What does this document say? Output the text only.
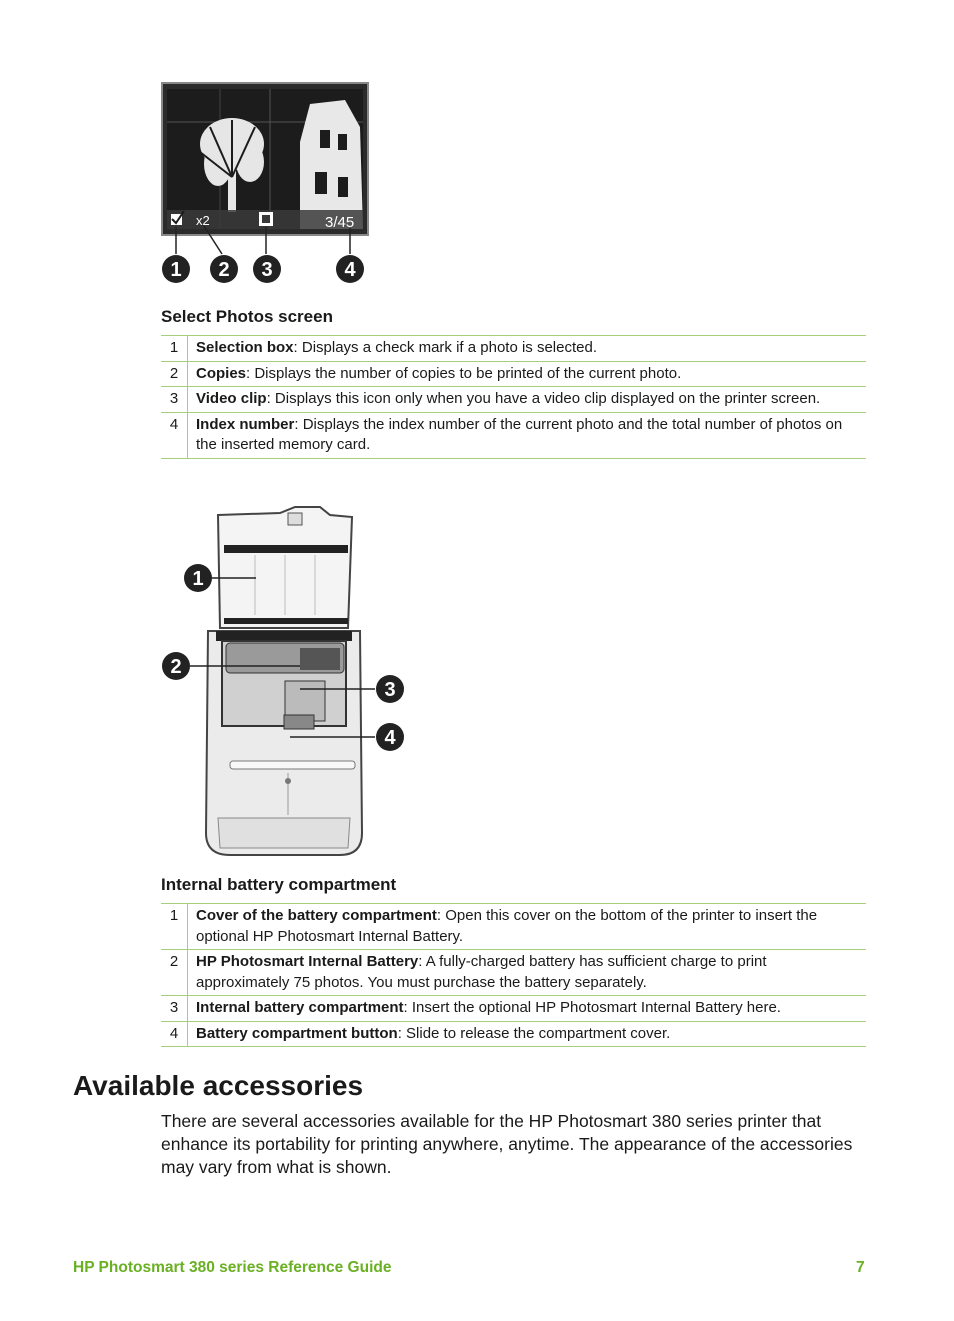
x2	3/45
1 2 3	4
Select Photos screen
1	Selection box: Displays a check mark if a photo is selected.
2	Copies: Displays the number of copies to be printed of the current photo.
3	Video clip: Displays this icon only when you have a video clip displayed on the printer screen.
4	Index number: Displays the index number of the current photo and the total number of photos on the inserted memory card.
1
2
3
4
Internal battery compartment
1	Cover of the battery compartment: Open this cover on the bottom of the printer to insert the optional HP Photosmart Internal Battery.
2	HP Photosmart Internal Battery: A fully-charged battery has sufficient charge to print approximately 75 photos. You must purchase the battery separately.
3	Internal battery compartment: Insert the optional HP Photosmart Internal Battery here.
4	Battery compartment button: Slide to release the compartment cover.
Available accessories
There are several accessories available for the HP Photosmart 380 series printer that enhance its portability for printing anywhere, anytime. The appearance of the accessories may vary from what is shown.
HP Photosmart 380 series Reference Guide	7
